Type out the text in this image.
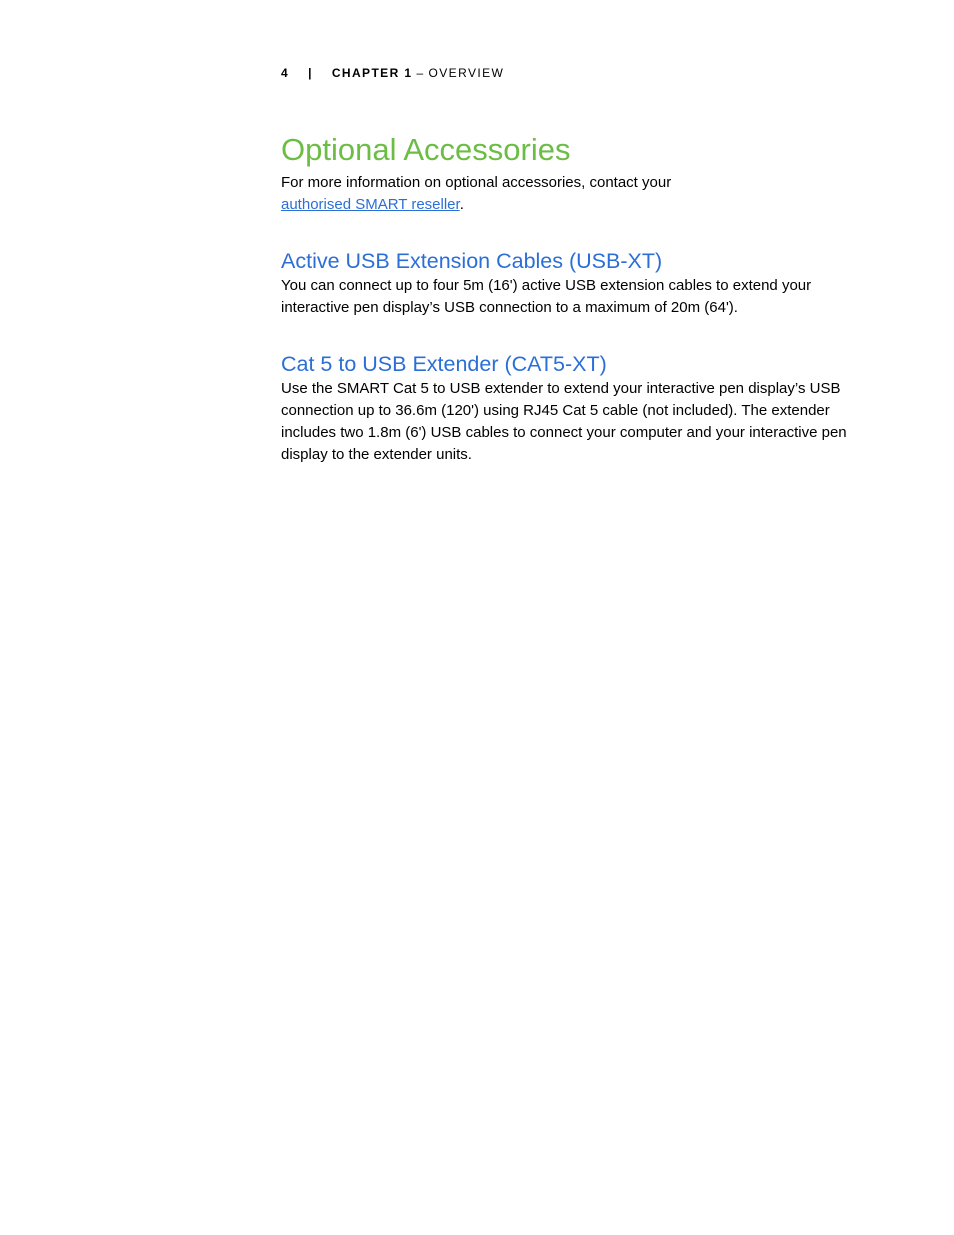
4 | CHAPTER 1 – OVERVIEW
Optional Accessories

For more information on optional accessories, contact your
authorised SMART reseller.

Active USB Extension Cables (USB-XT)

You can connect up to four 5m (16') active USB extension cables to extend your interactive pen display’s USB connection to a maximum of 20m (64').

Cat 5 to USB Extender (CAT5-XT)

Use the SMART Cat 5 to USB extender to extend your interactive pen display’s USB connection up to 36.6m (120') using RJ45 Cat 5 cable (not included). The extender includes two 1.8m (6') USB cables to connect your computer and your interactive pen display to the extender units.
